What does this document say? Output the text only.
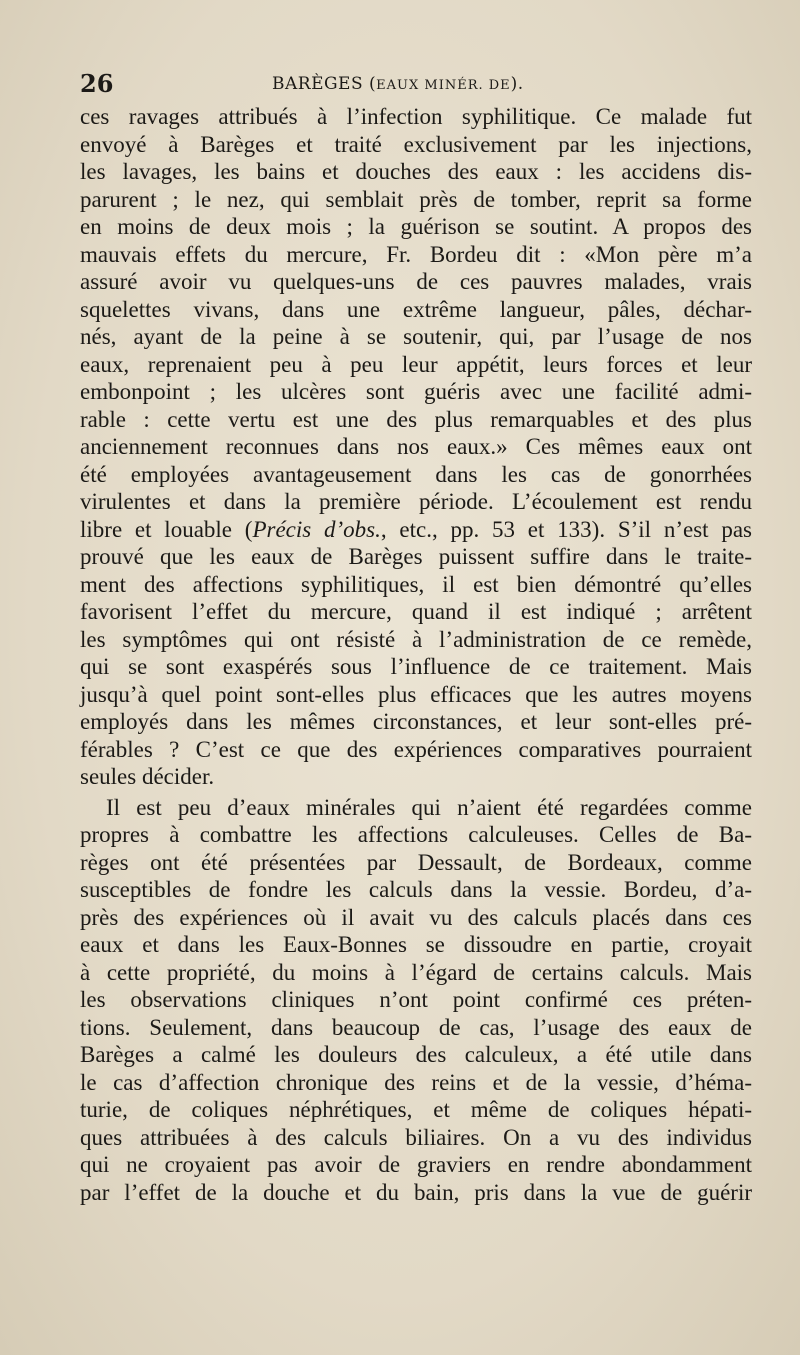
26	BARÈGES (EAUX MINÉR. DE).
ces ravages attribués à l’infection syphilitique. Ce malade fut
envoyé à Barèges et traité exclusivement par les injections,
les lavages, les bains et douches des eaux : les accidens dis-
parurent ; le nez, qui semblait près de tomber, reprit sa forme
en moins de deux mois ; la guérison se soutint. A propos des
mauvais effets du mercure, Fr. Bordeu dit : «Mon père m’a
assuré avoir vu quelques-uns de ces pauvres malades, vrais
squelettes vivans, dans une extrême langueur, pâles, déchar-
nés, ayant de la peine à se soutenir, qui, par l’usage de nos
eaux, reprenaient peu à peu leur appétit, leurs forces et leur
embonpoint ; les ulcères sont guéris avec une facilité admi-
rable : cette vertu est une des plus remarquables et des plus
anciennement reconnues dans nos eaux.» Ces mêmes eaux ont
été employées avantageusement dans les cas de gonorrhées
virulentes et dans la première période. L’écoulement est rendu
libre et louable (Précis d’obs., etc., pp. 53 et 133). S’il n’est pas
prouvé que les eaux de Barèges puissent suffire dans le traite-
ment des affections syphilitiques, il est bien démontré qu’elles
favorisent l’effet du mercure, quand il est indiqué ; arrêtent
les symptômes qui ont résisté à l’administration de ce remède,
qui se sont exaspérés sous l’influence de ce traitement. Mais
jusqu’à quel point sont-elles plus efficaces que les autres moyens
employés dans les mêmes circonstances, et leur sont-elles pré-
férables ? C’est ce que des expériences comparatives pourraient
seules décider.
Il est peu d’eaux minérales qui n’aient été regardées comme
propres à combattre les affections calculeuses. Celles de Ba-
règes ont été présentées par Dessault, de Bordeaux, comme
susceptibles de fondre les calculs dans la vessie. Bordeu, d’a-
près des expériences où il avait vu des calculs placés dans ces
eaux et dans les Eaux-Bonnes se dissoudre en partie, croyait
à cette propriété, du moins à l’égard de certains calculs. Mais
les observations cliniques n’ont point confirmé ces préten-
tions. Seulement, dans beaucoup de cas, l’usage des eaux de
Barèges a calmé les douleurs des calculeux, a été utile dans
le cas d’affection chronique des reins et de la vessie, d’héma-
turie, de coliques néphrétiques, et même de coliques hépati-
ques attribuées à des calculs biliaires. On a vu des individus
qui ne croyaient pas avoir de graviers en rendre abondamment
par l’effet de la douche et du bain, pris dans la vue de guérir
